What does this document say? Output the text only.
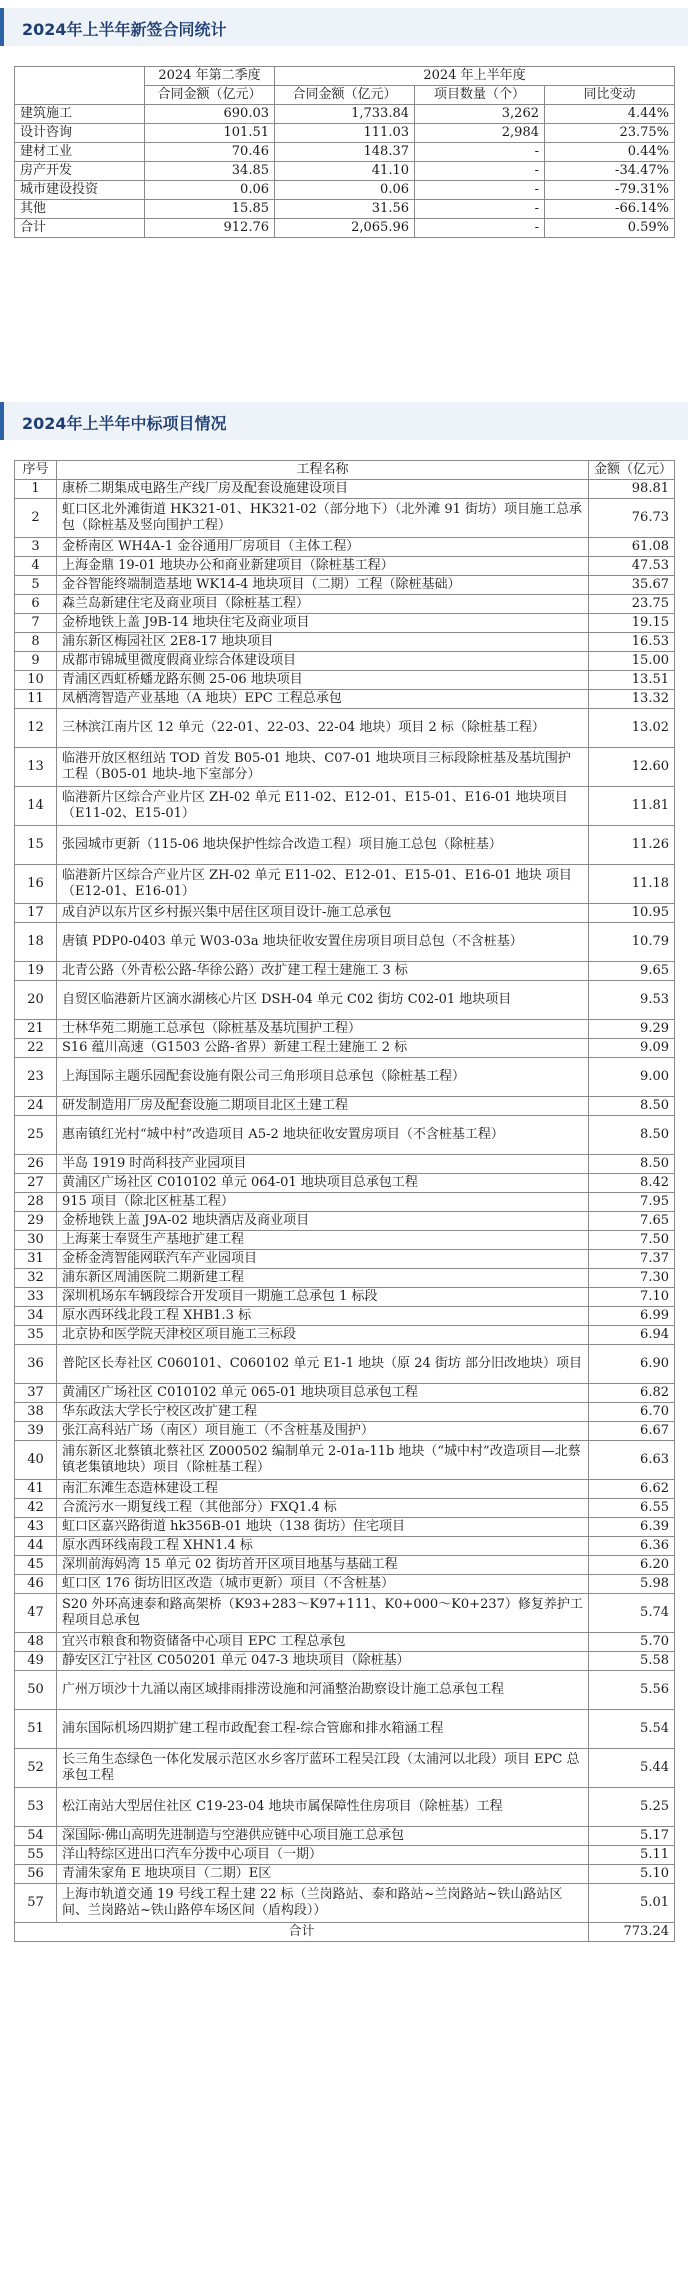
2024年上半年新签合同统计
	2024 年第二季度	2024 年上半年度		
	合同金额（亿元）	合同金额（亿元）	项目数量（个）	同比变动
建筑施工	690.03	1,733.84	3,262	4.44%
设计咨询	101.51	111.03	2,984	23.75%
建材工业	70.46	148.37	-	0.44%
房产开发	34.85	41.10	-	-34.47%
城市建设投资	0.06	0.06	-	-79.31%
其他	15.85	31.56	-	-66.14%
合计	912.76	2,065.96	-	0.59%
2024年上半年中标项目情况
序号	工程名称	金额（亿元）
1	康桥二期集成电路生产线厂房及配套设施建设项目	98.81
2	虹口区北外滩街道 HK321-01、HK321-02（部分地下）（北外滩 91 街坊）项目施工总承包（除桩基及竖向围护工程）	76.73
3	金桥南区 WH4A-1 金谷通用厂房项目（主体工程）	61.08
4	上海金鼎 19-01 地块办公和商业新建项目（除桩基工程）	47.53
5	金谷智能终端制造基地 WK14-4 地块项目（二期）工程（除桩基础）	35.67
6	森兰岛新建住宅及商业项目（除桩基工程）	23.75
7	金桥地铁上盖 J9B-14 地块住宅及商业项目	19.15
8	浦东新区梅园社区 2E8-17 地块项目	16.53
9	成都市锦城里微度假商业综合体建设项目	15.00
10	青浦区西虹桥蟠龙路东侧 25-06 地块项目	13.51
11	凤栖湾智造产业基地（A 地块）EPC 工程总承包	13.32
12	三林滨江南片区 12 单元（22-01、22-03、22-04 地块）项目 2 标（除桩基工程）	13.02
13	临港开放区枢纽站 TOD 首发 B05-01 地块、C07-01 地块项目三标段除桩基及基坑围护工程（B05-01 地块-地下室部分）	12.60
14	临港新片区综合产业片区 ZH-02 单元 E11-02、E12-01、E15-01、E16-01 地块项目（E11-02、E15-01）	11.81
15	张园城市更新（115-06 地块保护性综合改造工程）项目施工总包（除桩基）	11.26
16	临港新片区综合产业片区 ZH-02 单元 E11-02、E12-01、E15-01、E16-01 地块 项目（E12-01、E16-01）	11.18
17	成自泸以东片区乡村振兴集中居住区项目设计-施工总承包	10.95
18	唐镇 PDP0-0403 单元 W03-03a 地块征收安置住房项目项目总包（不含桩基）	10.79
19	北青公路（外青松公路-华徐公路）改扩建工程土建施工 3 标	9.65
20	自贸区临港新片区滴水湖核心片区 DSH-04 单元 C02 街坊 C02-01 地块项目	9.53
21	士林华苑二期施工总承包（除桩基及基坑围护工程）	9.29
22	S16 蕴川高速（G1503 公路-省界）新建工程土建施工 2 标	9.09
23	上海国际主题乐园配套设施有限公司三角形项目总承包（除桩基工程）	9.00
24	研发制造用厂房及配套设施二期项目北区土建工程	8.50
25	惠南镇红光村“城中村”改造项目 A5-2 地块征收安置房项目（不含桩基工程）	8.50
26	半岛 1919 时尚科技产业园项目	8.50
27	黄浦区广场社区 C010102 单元 064-01 地块项目总承包工程	8.42
28	915 项目（除北区桩基工程）	7.95
29	金桥地铁上盖 J9A-02 地块酒店及商业项目	7.65
30	上海莱士奉贤生产基地扩建工程	7.50
31	金桥金湾智能网联汽车产业园项目	7.37
32	浦东新区周浦医院二期新建工程	7.30
33	深圳机场东车辆段综合开发项目一期施工总承包 1 标段	7.10
34	原水西环线北段工程 XHB1.3 标	6.99
35	北京协和医学院天津校区项目施工三标段	6.94
36	普陀区长寿社区 C060101、C060102 单元 E1-1 地块（原 24 街坊 部分旧改地块）项目	6.90
37	黄浦区广场社区 C010102 单元 065-01 地块项目总承包工程	6.82
38	华东政法大学长宁校区改扩建工程	6.70
39	张江高科站广场（南区）项目施工（不含桩基及围护）	6.67
40	浦东新区北蔡镇北蔡社区 Z000502 编制单元 2-01a-11b 地块（“城中村”改造项目—北蔡镇老集镇地块）项目（除桩基工程）	6.63
41	南汇东滩生态造林建设工程	6.62
42	合流污水一期复线工程（其他部分）FXQ1.4 标	6.55
43	虹口区嘉兴路街道 hk356B-01 地块（138 街坊）住宅项目	6.39
44	原水西环线南段工程 XHN1.4 标	6.36
45	深圳前海妈湾 15 单元 02 街坊首开区项目地基与基础工程	6.20
46	虹口区 176 街坊旧区改造（城市更新）项目（不含桩基）	5.98
47	S20 外环高速泰和路高架桥（K93+283～K97+111、K0+000～K0+237）修复养护工程项目总承包	5.74
48	宜兴市粮食和物资储备中心项目 EPC 工程总承包	5.70
49	静安区江宁社区 C050201 单元 047-3 地块项目（除桩基）	5.58
50	广州万顷沙十九涌以南区域排雨排涝设施和河涌整治勘察设计施工总承包工程	5.56
51	浦东国际机场四期扩建工程市政配套工程-综合管廊和排水箱涵工程	5.54
52	长三角生态绿色一体化发展示范区水乡客厅蓝环工程吴江段（太浦河以北段）项目 EPC 总承包工程	5.44
53	松江南站大型居住社区 C19-23-04 地块市属保障性住房项目（除桩基）工程	5.25
54	深国际·佛山高明先进制造与空港供应链中心项目施工总承包	5.17
55	洋山特综区进出口汽车分拨中心项目（一期）	5.11
56	青浦朱家角 E 地块项目（二期）E区	5.10
57	上海市轨道交通 19 号线工程土建 22 标（兰岗路站、泰和路站~兰岗路站~铁山路站区间、兰岗路站~铁山路停车场区间（盾构段））	5.01
合计		773.24
